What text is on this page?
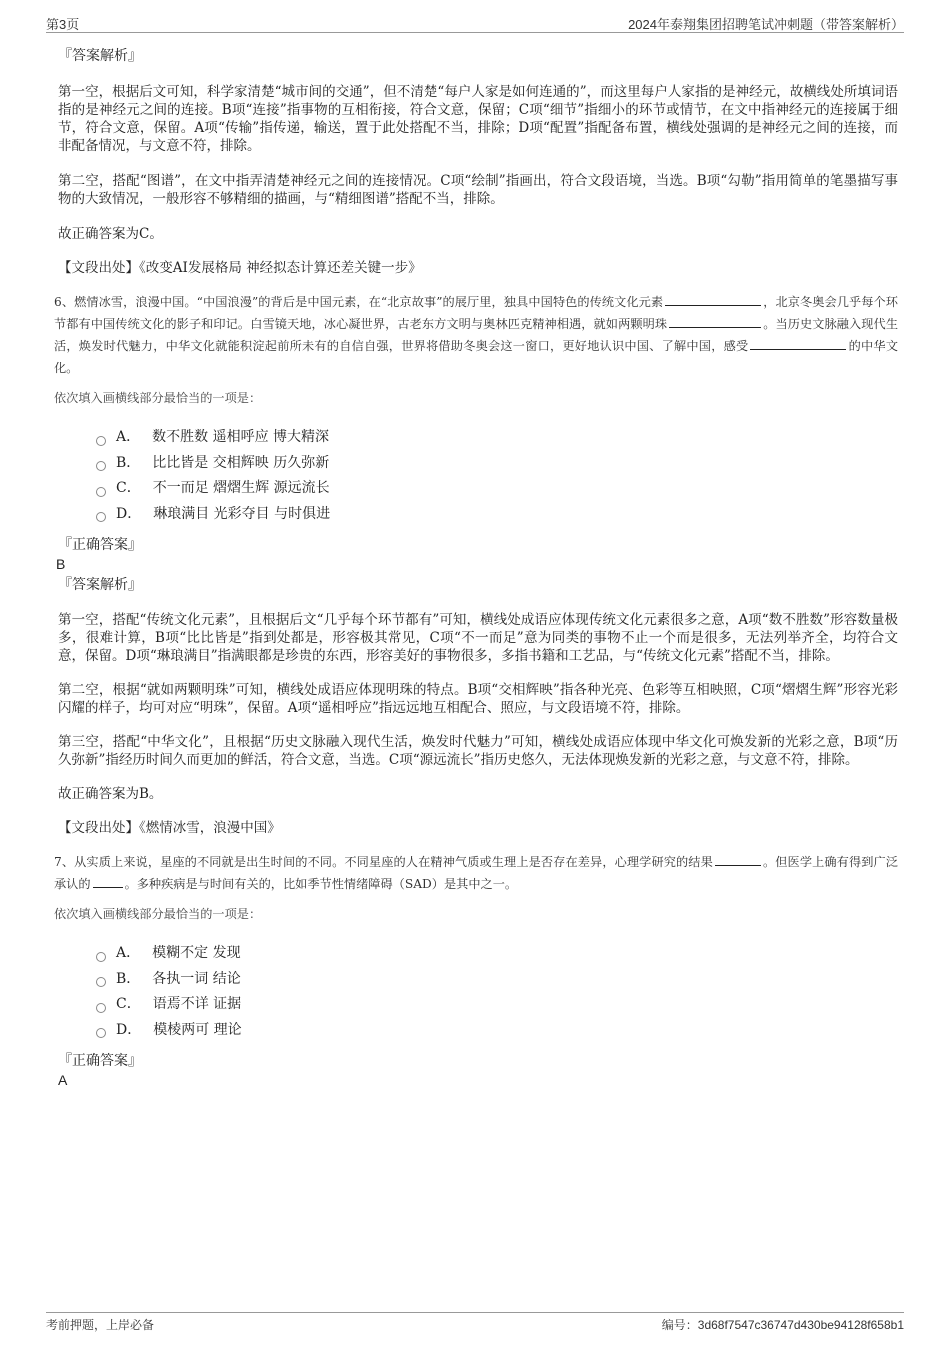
第3页	2024年泰翔集团招聘笔试冲刺题（带答案解析）

『答案解析』

第一空，根据后文可知，科学家清楚“城市间的交通”，但不清楚“每户人家是如何连通的”，而这里每户人家指的是神经元，故横线处所填词语指的是神经元之间的连接。B项“连接”指事物的互相衔接，符合文意，保留；C项“细节”指细小的环节或情节，在文中指神经元的连接属于细节，符合文意，保留。A项“传输”指传递，输送，置于此处搭配不当，排除；D项“配置”指配备布置，横线处强调的是神经元之间的连接，而非配备情况，与文意不符，排除。

第二空，搭配“图谱”，在文中指弄清楚神经元之间的连接情况。C项“绘制”指画出，符合文段语境，当选。B项“勾勒”指用简单的笔墨描写事物的大致情况，一般形容不够精细的描画，与“精细图谱”搭配不当，排除。

故正确答案为C。

【文段出处】《改变AI发展格局 神经拟态计算还差关键一步》

6、燃情冰雪，浪漫中国。“中国浪漫”的背后是中国元素，在“北京故事”的展厅里，独具中国特色的传统文化元素	，北京冬奥会几乎每个环节都有中国传统文化的影子和印记。白雪镜天地，冰心凝世界，古老东方文明与奥林匹克精神相遇，就如两颗明珠	。当历史文脉融入现代生活，焕发时代魅力，中华文化就能积淀起前所未有的自信自强，世界将借助冬奥会这一窗口，更好地认识中国、了解中国，感受	的中华文化。

依次填入画横线部分最恰当的一项是：

A． 数不胜数 遥相呼应 博大精深
B． 比比皆是 交相辉映 历久弥新
C． 不一而足 熠熠生辉 源远流长
D． 琳琅满目 光彩夺目 与时俱进

『正确答案』

B

『答案解析』

第一空，搭配“传统文化元素”，且根据后文“几乎每个环节都有”可知，横线处成语应体现传统文化元素很多之意，A项“数不胜数”形容数量极多，很难计算，B项“比比皆是”指到处都是，形容极其常见，C项“不一而足”意为同类的事物不止一个而是很多，无法列举齐全，均符合文意，保留。D项“琳琅满目”指满眼都是珍贵的东西，形容美好的事物很多，多指书籍和工艺品，与“传统文化元素”搭配不当，排除。

第二空，根据“就如两颗明珠”可知，横线处成语应体现明珠的特点。B项“交相辉映”指各种光亮、色彩等互相映照，C项“熠熠生辉”形容光彩闪耀的样子，均可对应“明珠”，保留。A项“遥相呼应”指远远地互相配合、照应，与文段语境不符，排除。

第三空，搭配“中华文化”，且根据“历史文脉融入现代生活，焕发时代魅力”可知，横线处成语应体现中华文化可焕发新的光彩之意，B项“历久弥新”指经历时间久而更加的鲜活，符合文意，当选。C项“源远流长”指历史悠久，无法体现焕发新的光彩之意，与文意不符，排除。

故正确答案为B。

【文段出处】《燃情冰雪，浪漫中国》

7、从实质上来说，星座的不同就是出生时间的不同。不同星座的人在精神气质或生理上是否存在差异，心理学研究的结果	。但医学上确有得到广泛承认的	。多种疾病是与时间有关的，比如季节性情绪障碍（SAD）是其中之一。

依次填入画横线部分最恰当的一项是：

A． 模糊不定 发现
B． 各执一词 结论
C． 语焉不详 证据
D． 模棱两可 理论

『正确答案』

A

考前押题，上岸必备	编号：3d68f7547c36747d430be94128f658b1
